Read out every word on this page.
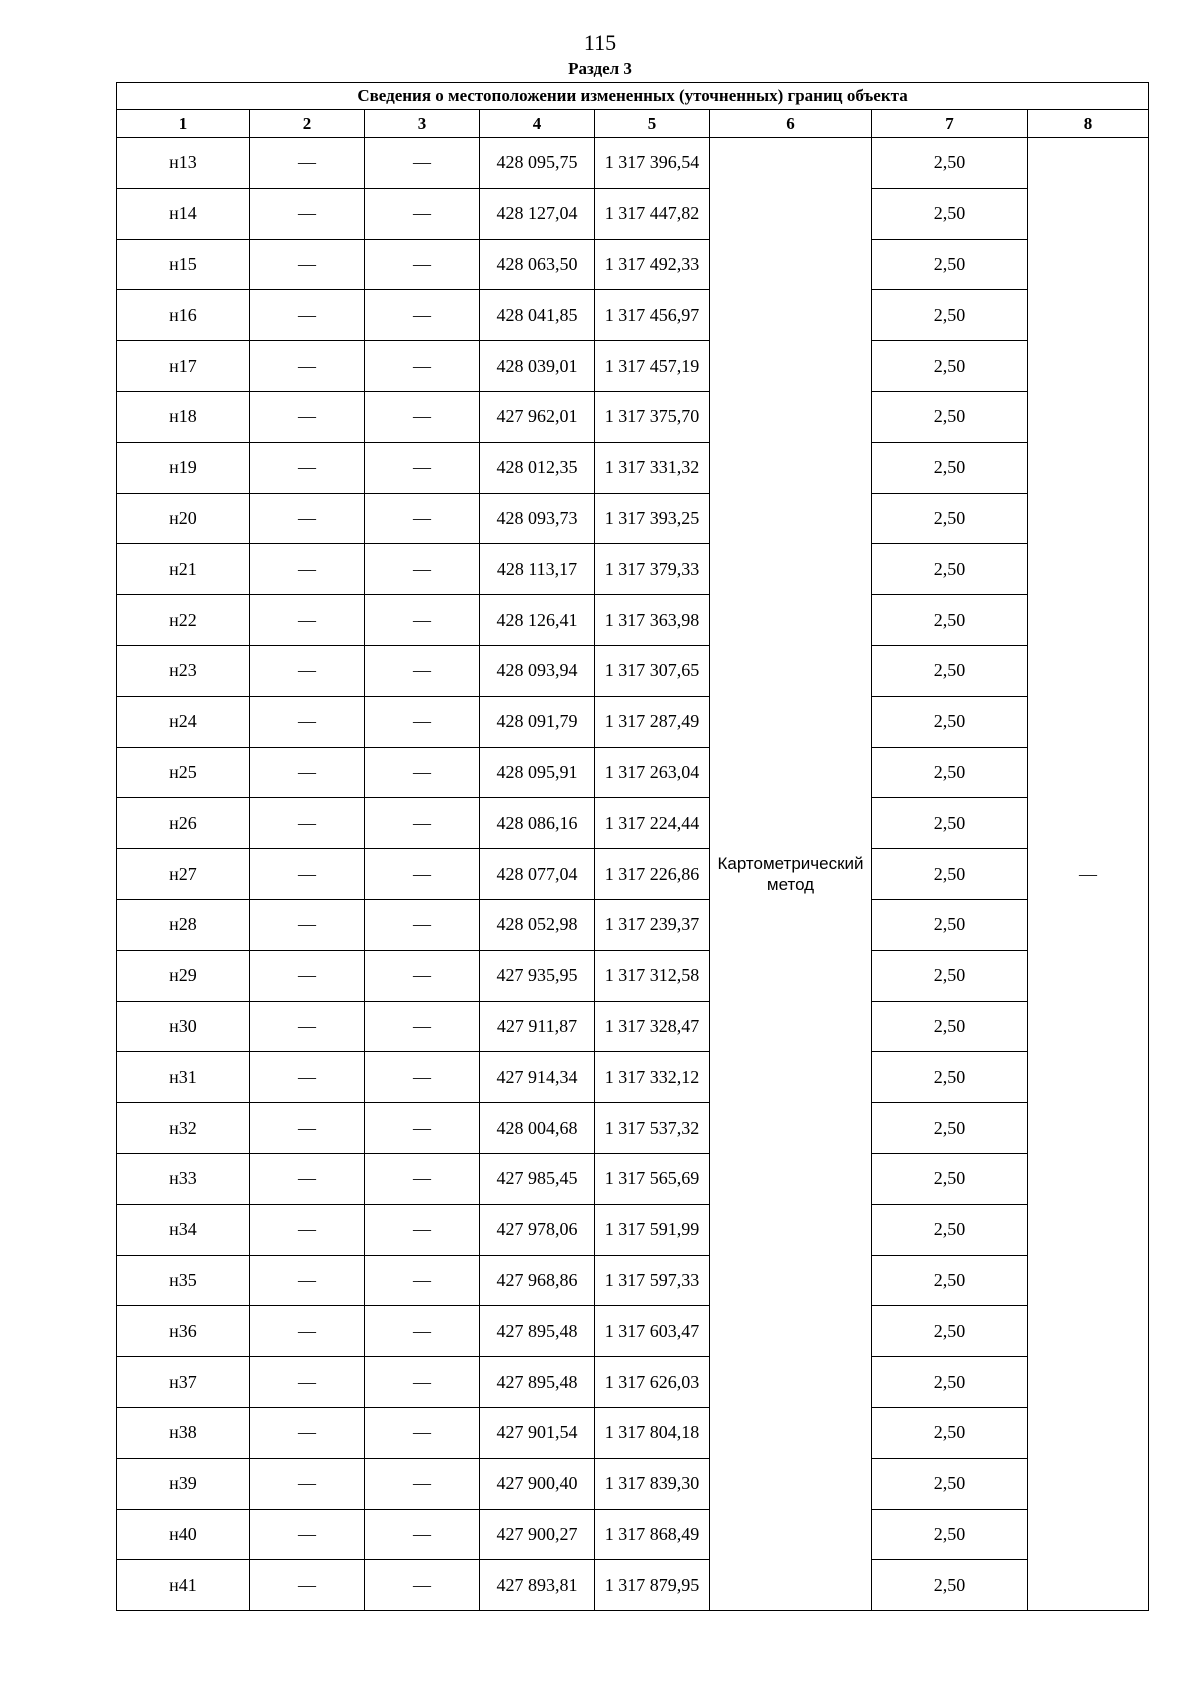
115
Раздел 3
Сведения о местоположении измененных (уточненных) границ объекта							
1	2	3	4	5	6	7	8
н13	—	—	428 095,75	1 317 396,54	Картометрический метод	2,50	—
н14	—	—	428 127,04	1 317 447,82		2,50	
н15	—	—	428 063,50	1 317 492,33		2,50	
н16	—	—	428 041,85	1 317 456,97		2,50	
н17	—	—	428 039,01	1 317 457,19		2,50	
н18	—	—	427 962,01	1 317 375,70		2,50	
н19	—	—	428 012,35	1 317 331,32		2,50	
н20	—	—	428 093,73	1 317 393,25		2,50	
н21	—	—	428 113,17	1 317 379,33		2,50	
н22	—	—	428 126,41	1 317 363,98		2,50	
н23	—	—	428 093,94	1 317 307,65		2,50	
н24	—	—	428 091,79	1 317 287,49		2,50	
н25	—	—	428 095,91	1 317 263,04		2,50	
н26	—	—	428 086,16	1 317 224,44		2,50	
н27	—	—	428 077,04	1 317 226,86		2,50	
н28	—	—	428 052,98	1 317 239,37		2,50	
н29	—	—	427 935,95	1 317 312,58		2,50	
н30	—	—	427 911,87	1 317 328,47		2,50	
н31	—	—	427 914,34	1 317 332,12		2,50	
н32	—	—	428 004,68	1 317 537,32		2,50	
н33	—	—	427 985,45	1 317 565,69		2,50	
н34	—	—	427 978,06	1 317 591,99		2,50	
н35	—	—	427 968,86	1 317 597,33		2,50	
н36	—	—	427 895,48	1 317 603,47		2,50	
н37	—	—	427 895,48	1 317 626,03		2,50	
н38	—	—	427 901,54	1 317 804,18		2,50	
н39	—	—	427 900,40	1 317 839,30		2,50	
н40	—	—	427 900,27	1 317 868,49		2,50	
н41	—	—	427 893,81	1 317 879,95		2,50	
